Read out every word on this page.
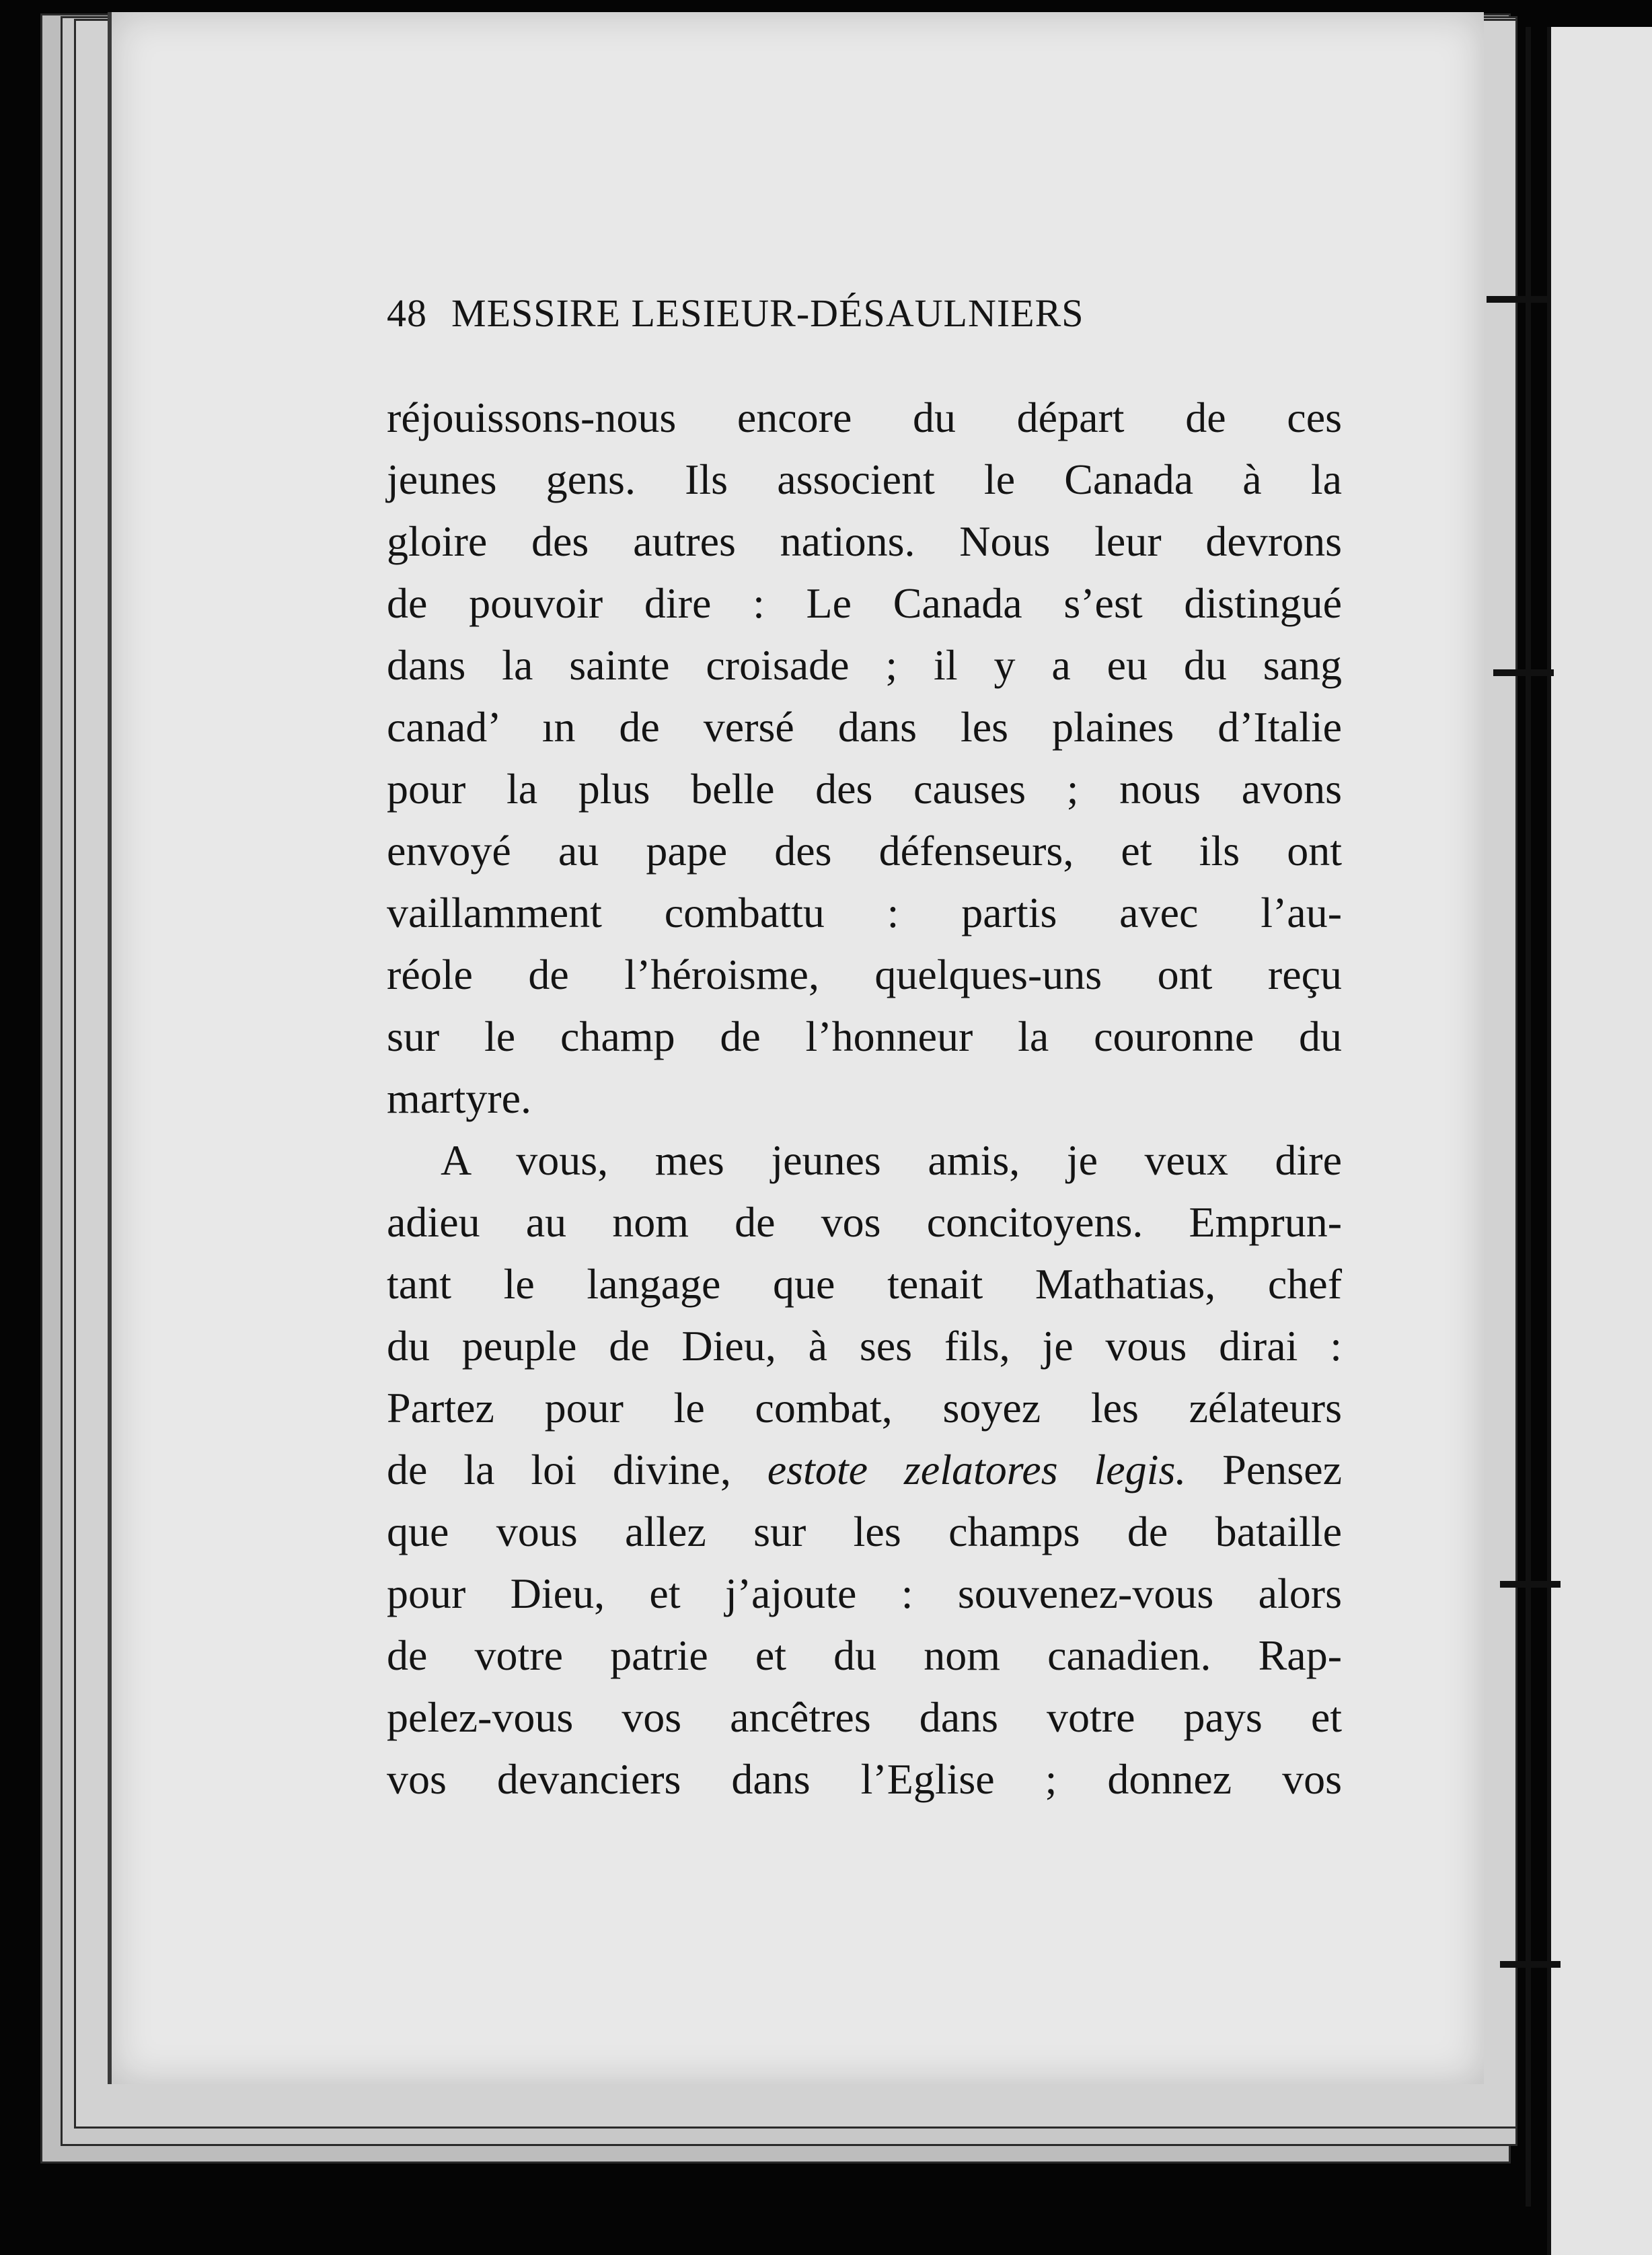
48 MESSIRE LESIEUR-DÉSAULNIERS
réjouissons-nous encore du départ de ces
jeunes gens. Ils associent le Canada à la
gloire des autres nations. Nous leur devrons
de pouvoir dire : Le Canada s’est distingué
dans la sainte croisade ; il y a eu du sang
canad’ ın de versé dans les plaines d’Italie
pour la plus belle des causes ; nous avons
envoyé au pape des défenseurs, et ils ont
vaillamment combattu : partis avec l’au-
réole de l’héroisme, quelques-uns ont reçu
sur le champ de l’honneur la couronne du
martyre.
A vous, mes jeunes amis, je veux dire
adieu au nom de vos concitoyens. Emprun-
tant le langage que tenait Mathatias, chef
du peuple de Dieu, à ses fils, je vous dirai :
Partez pour le combat, soyez les zélateurs
de la loi divine, estote zelatores legis. Pensez
que vous allez sur les champs de bataille
pour Dieu, et j’ajoute : souvenez-vous alors
de votre patrie et du nom canadien. Rap-
pelez-vous vos ancêtres dans votre pays et
vos devanciers dans l’Eglise ; donnez vos
